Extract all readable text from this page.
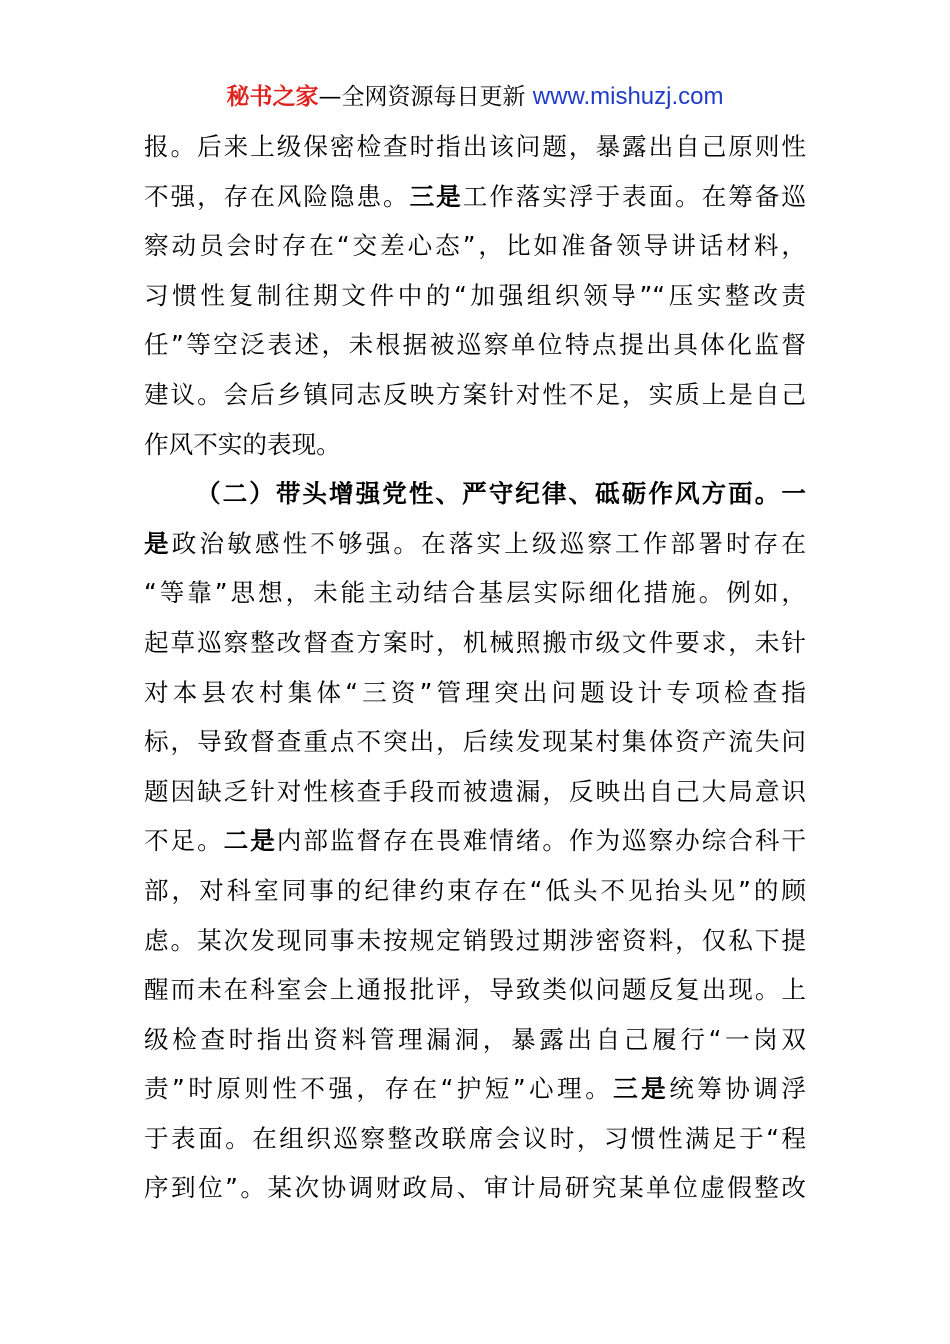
秘书之家—全网资源每日更新 www.mishuzj.com
报。后来上级保密检查时指出该问题，暴露出自己原则性
不强，存在风险隐患。三是工作落实浮于表面。在筹备巡
察动员会时存在“交差心态”，比如准备领导讲话材料，
习惯性复制往期文件中的“加强组织领导”“压实整改责
任”等空泛表述，未根据被巡察单位特点提出具体化监督
建议。会后乡镇同志反映方案针对性不足，实质上是自己
作风不实的表现。
（二）带头增强党性、严守纪律、砥砺作风方面。一
是政治敏感性不够强。在落实上级巡察工作部署时存在
“等靠”思想，未能主动结合基层实际细化措施。例如，
起草巡察整改督查方案时，机械照搬市级文件要求，未针
对本县农村集体“三资”管理突出问题设计专项检查指
标，导致督查重点不突出，后续发现某村集体资产流失问
题因缺乏针对性核查手段而被遗漏，反映出自己大局意识
不足。二是内部监督存在畏难情绪。作为巡察办综合科干
部，对科室同事的纪律约束存在“低头不见抬头见”的顾
虑。某次发现同事未按规定销毁过期涉密资料，仅私下提
醒而未在科室会上通报批评，导致类似问题反复出现。上
级检查时指出资料管理漏洞，暴露出自己履行“一岗双
责”时原则性不强，存在“护短”心理。三是统筹协调浮
于表面。在组织巡察整改联席会议时，习惯性满足于“程
序到位”。某次协调财政局、审计局研究某单位虚假整改
